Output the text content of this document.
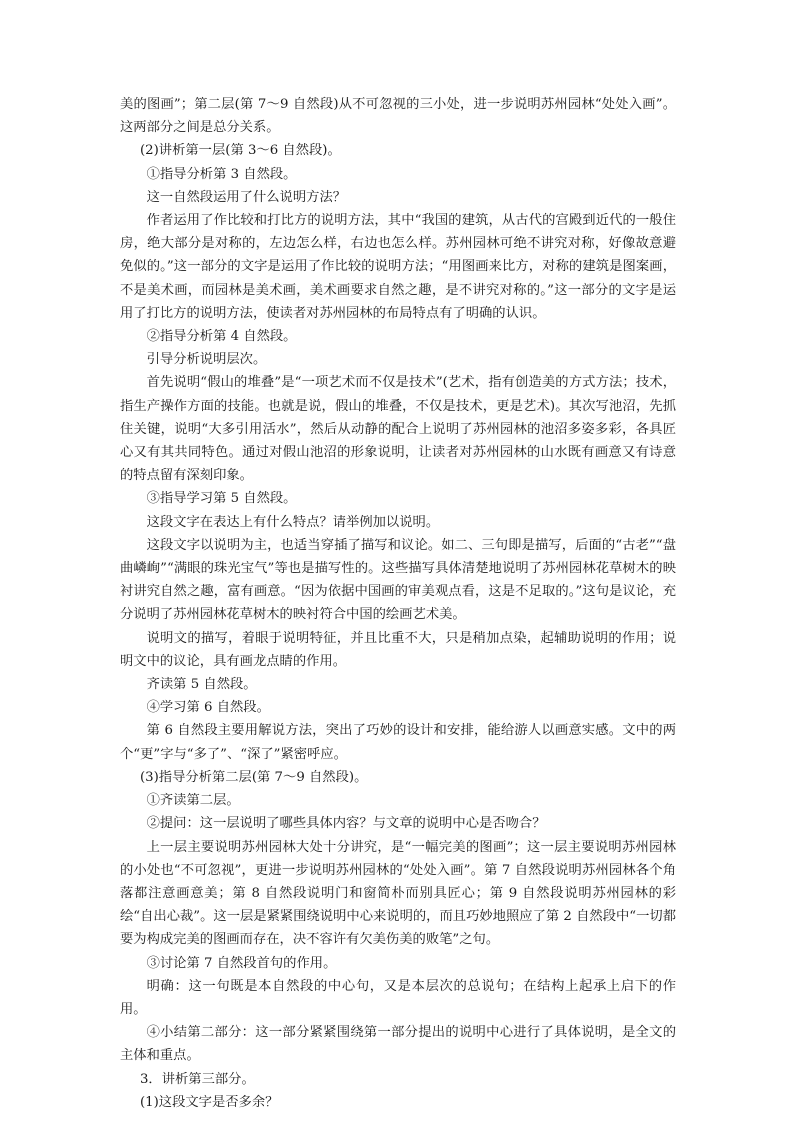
美的图画”；第二层(第 7～9 自然段)从不可忽视的三小处，进一步说明苏州园林“处处入画”。这两部分之间是总分关系。

(2)讲析第一层(第 3～6 自然段)。

①指导分析第 3 自然段。

这一自然段运用了什么说明方法？

作者运用了作比较和打比方的说明方法，其中“我国的建筑，从古代的宫殿到近代的一般住房，绝大部分是对称的，左边怎么样，右边也怎么样。苏州园林可绝不讲究对称，好像故意避免似的。”这一部分的文字是运用了作比较的说明方法；“用图画来比方，对称的建筑是图案画，不是美术画，而园林是美术画，美术画要求自然之趣，是不讲究对称的。”这一部分的文字是运用了打比方的说明方法，使读者对苏州园林的布局特点有了明确的认识。

②指导分析第 4 自然段。

引导分析说明层次。

首先说明“假山的堆叠”是“一项艺术而不仅是技术”(艺术，指有创造美的方式方法；技术，指生产操作方面的技能。也就是说，假山的堆叠，不仅是技术，更是艺术)。其次写池沼，先抓住关键，说明“大多引用活水”，然后从动静的配合上说明了苏州园林的池沼多姿多彩，各具匠心又有其共同特色。通过对假山池沼的形象说明，让读者对苏州园林的山水既有画意又有诗意的特点留有深刻印象。

③指导学习第 5 自然段。

这段文字在表达上有什么特点？请举例加以说明。

这段文字以说明为主，也适当穿插了描写和议论。如二、三句即是描写，后面的“古老”“盘曲嶙峋”“满眼的珠光宝气”等也是描写性的。这些描写具体清楚地说明了苏州园林花草树木的映衬讲究自然之趣，富有画意。“因为依据中国画的审美观点看，这是不足取的。”这句是议论，充分说明了苏州园林花草树木的映衬符合中国的绘画艺术美。

说明文的描写，着眼于说明特征，并且比重不大，只是稍加点染，起辅助说明的作用；说明文中的议论，具有画龙点睛的作用。

齐读第 5 自然段。

④学习第 6 自然段。

第 6 自然段主要用解说方法，突出了巧妙的设计和安排，能给游人以画意实感。文中的两个“更”字与“多了”、“深了”紧密呼应。

(3)指导分析第二层(第 7～9 自然段)。

①齐读第二层。

②提问：这一层说明了哪些具体内容？与文章的说明中心是否吻合？

上一层主要说明苏州园林大处十分讲究，是“一幅完美的图画”；这一层主要说明苏州园林的小处也“不可忽视”，更进一步说明苏州园林的“处处入画”。第 7 自然段说明苏州园林各个角落都注意画意美；第 8 自然段说明门和窗简朴而别具匠心；第 9 自然段说明苏州园林的彩绘“自出心裁”。这一层是紧紧围绕说明中心来说明的，而且巧妙地照应了第 2 自然段中“一切都要为构成完美的图画而存在，决不容许有欠美伤美的败笔”之句。

③讨论第 7 自然段首句的作用。

明确：这一句既是本自然段的中心句，又是本层次的总说句；在结构上起承上启下的作用。

④小结第二部分：这一部分紧紧围绕第一部分提出的说明中心进行了具体说明，是全文的主体和重点。

3．讲析第三部分。

(1)这段文字是否多余？
